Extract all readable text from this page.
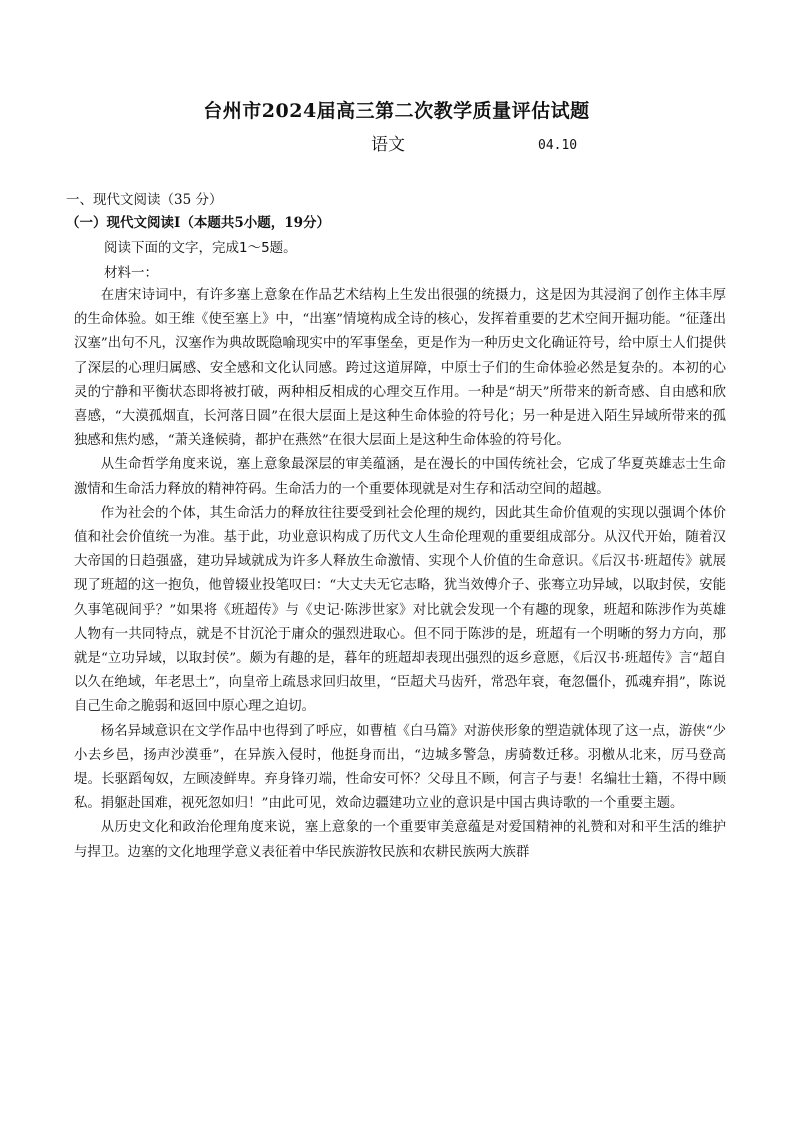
台州市2024届高三第二次教学质量评估试题
语文	04.10
一、现代文阅读（35 分）
（一）现代文阅读Ⅰ（本题共5小题，19分）
阅读下面的文字，完成1～5题。
材料一：

在唐宋诗词中，有许多塞上意象在作品艺术结构上生发出很强的统摄力，这是因为其浸润了创作主体丰厚的生命体验。如王维《使至塞上》中，“出塞”情境构成全诗的核心，发挥着重要的艺术空间开掘功能。“征蓬出汉塞”出句不凡，汉塞作为典故既隐喻现实中的军事堡垒，更是作为一种历史文化确证符号，给中原士人们提供了深层的心理归属感、安全感和文化认同感。跨过这道屏障，中原士子们的生命体验必然是复杂的。本初的心灵的宁静和平衡状态即将被打破，两种相反相成的心理交互作用。一种是“胡天”所带来的新奇感、自由感和欣喜感，“大漠孤烟直，长河落日圆”在很大层面上是这种生命体验的符号化；另一种是进入陌生异域所带来的孤独感和焦灼感，“萧关逢候骑，都护在燕然”在很大层面上是这种生命体验的符号化。

从生命哲学角度来说，塞上意象最深层的审美蕴涵，是在漫长的中国传统社会，它成了华夏英雄志士生命激情和生命活力释放的精神符码。生命活力的一个重要体现就是对生存和活动空间的超越。

作为社会的个体，其生命活力的释放往往要受到社会伦理的规约，因此其生命价值观的实现以强调个体价值和社会价值统一为准。基于此，功业意识构成了历代文人生命伦理观的重要组成部分。从汉代开始，随着汉大帝国的日趋强盛，建功异域就成为许多人释放生命激情、实现个人价值的生命意识。《后汉书·班超传》就展现了班超的这一抱负，他曾辍业投笔叹曰：“大丈夫无它志略，犹当效傅介子、张骞立功异域，以取封侯，安能久事笔砚间乎？”如果将《班超传》与《史记·陈涉世家》对比就会发现一个有趣的现象，班超和陈涉作为英雄人物有一共同特点，就是不甘沉沦于庸众的强烈进取心。但不同于陈涉的是，班超有一个明晰的努力方向，那就是“立功异域，以取封侯”。颇为有趣的是，暮年的班超却表现出强烈的返乡意愿，《后汉书·班超传》言“超自以久在绝域，年老思土”，向皇帝上疏恳求回归故里，“臣超犬马齿歼，常恐年衰，奄忽僵仆，孤魂弃捐”，陈说自己生命之脆弱和返回中原心理之迫切。

杨名异域意识在文学作品中也得到了呼应，如曹植《白马篇》对游侠形象的塑造就体现了这一点，游侠“少小去乡邑，扬声沙漠垂”，在异族入侵时，他挺身而出，“边城多警急，虏骑数迁移。羽檄从北来，厉马登高堤。长驱蹈匈奴，左顾凌鲜卑。弃身锋刃端，性命安可怀？父母且不顾，何言子与妻！名编壮士籍，不得中顾私。捐躯赴国难，视死忽如归！”由此可见，效命边疆建功立业的意识是中国古典诗歌的一个重要主题。

从历史文化和政治伦理角度来说，塞上意象的一个重要审美意蕴是对爱国精神的礼赞和对和平生活的维护与捍卫。边塞的文化地理学意义表征着中华民族游牧民族和农耕民族两大族群
